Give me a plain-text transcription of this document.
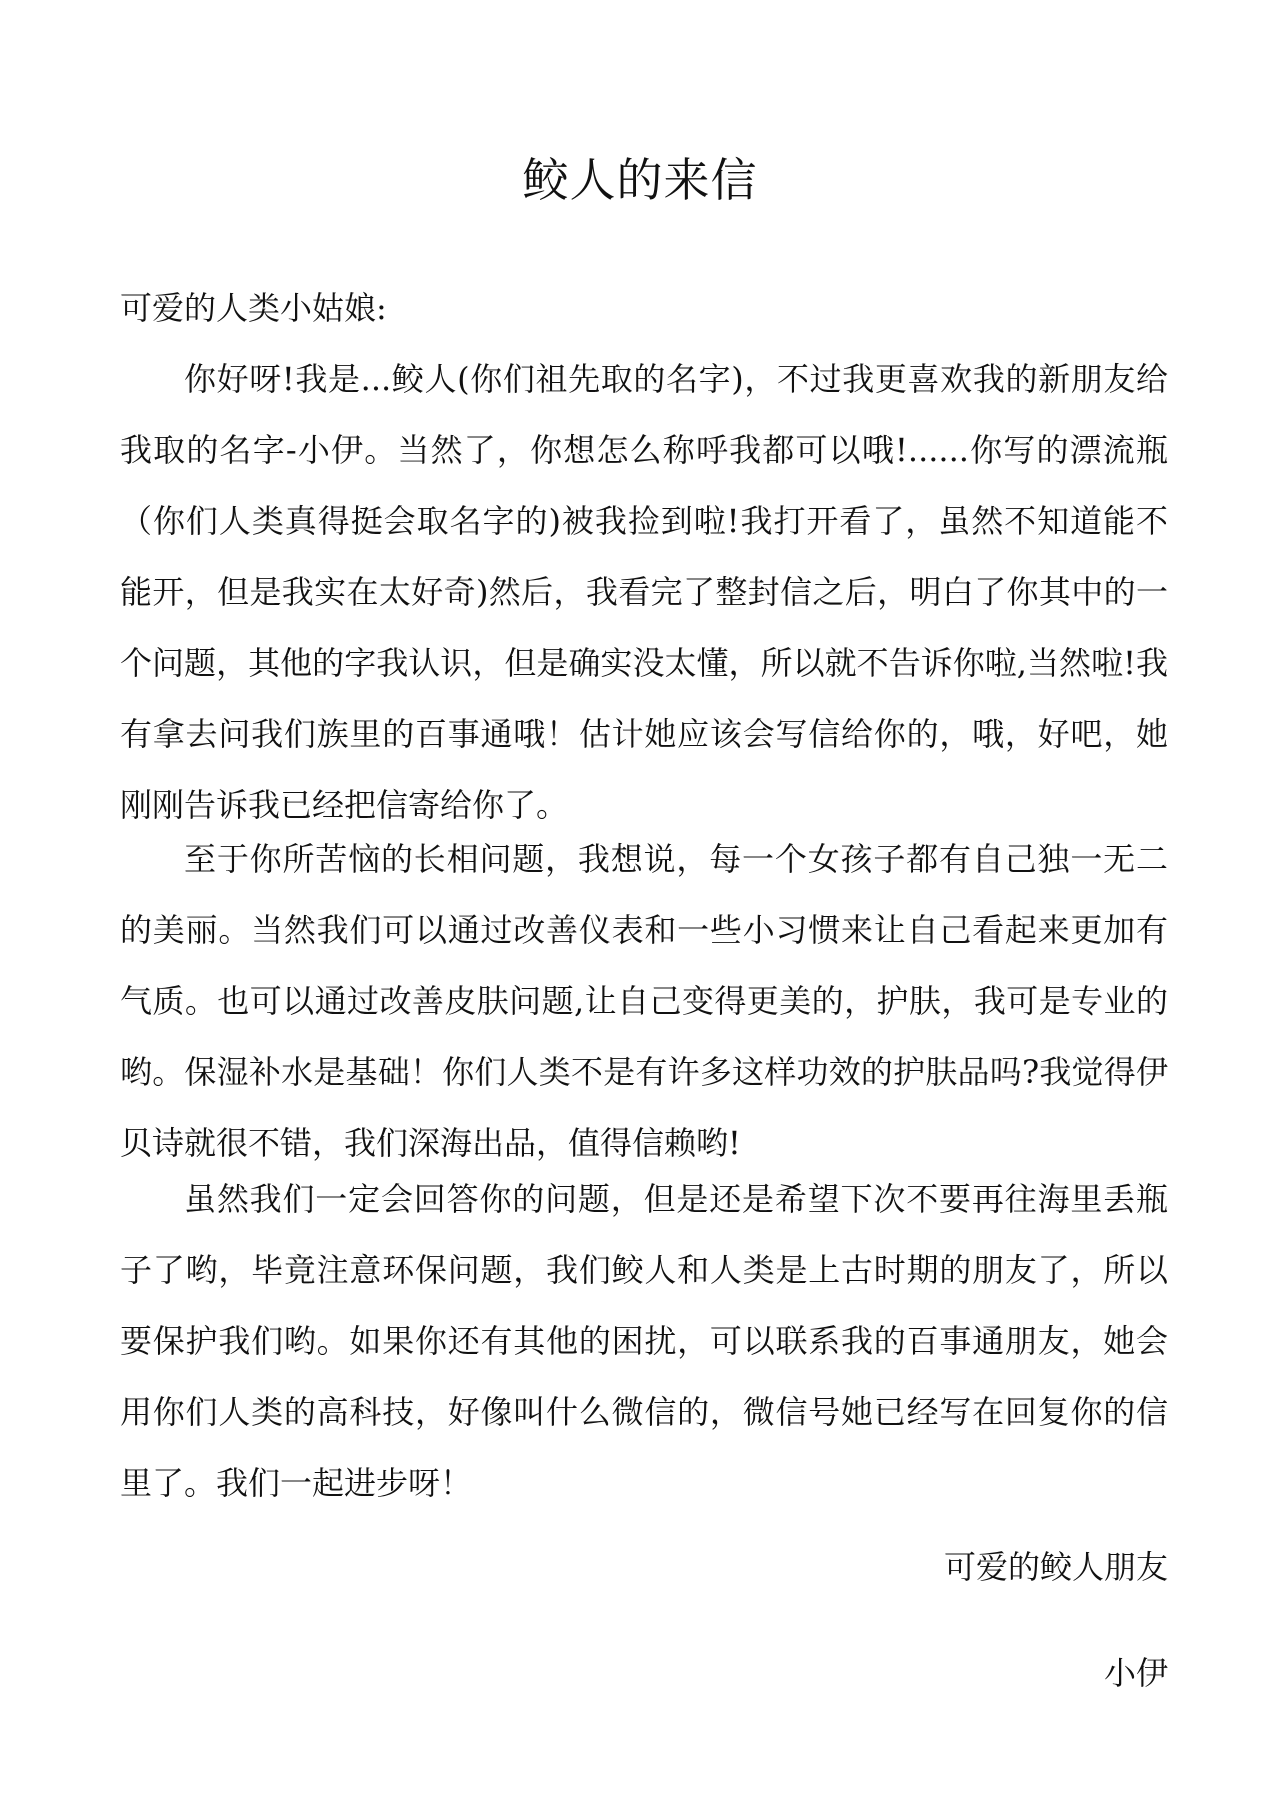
鲛人的来信

可爱的人类小姑娘:

你好呀!我是...鲛人(你们祖先取的名字)，不过我更喜欢我的新朋友给我取的名字-小伊。当然了，你想怎么称呼我都可以哦!......你写的漂流瓶（你们人类真得挺会取名字的)被我捡到啦!我打开看了，虽然不知道能不能开，但是我实在太好奇)然后，我看完了整封信之后，明白了你其中的一个问题，其他的字我认识，但是确实没太懂，所以就不告诉你啦,当然啦!我有拿去问我们族里的百事通哦！估计她应该会写信给你的，哦，好吧，她刚刚告诉我已经把信寄给你了。

至于你所苦恼的长相问题，我想说，每一个女孩子都有自己独一无二的美丽。当然我们可以通过改善仪表和一些小习惯来让自己看起来更加有气质。也可以通过改善皮肤问题,让自己变得更美的，护肤，我可是专业的哟。保湿补水是基础！你们人类不是有许多这样功效的护肤品吗?我觉得伊贝诗就很不错，我们深海出品，值得信赖哟!

虽然我们一定会回答你的问题，但是还是希望下次不要再往海里丢瓶子了哟，毕竟注意环保问题，我们鲛人和人类是上古时期的朋友了，所以要保护我们哟。如果你还有其他的困扰，可以联系我的百事通朋友，她会用你们人类的高科技，好像叫什么微信的，微信号她已经写在回复你的信里了。我们一起进步呀！

可爱的鲛人朋友

小伊
